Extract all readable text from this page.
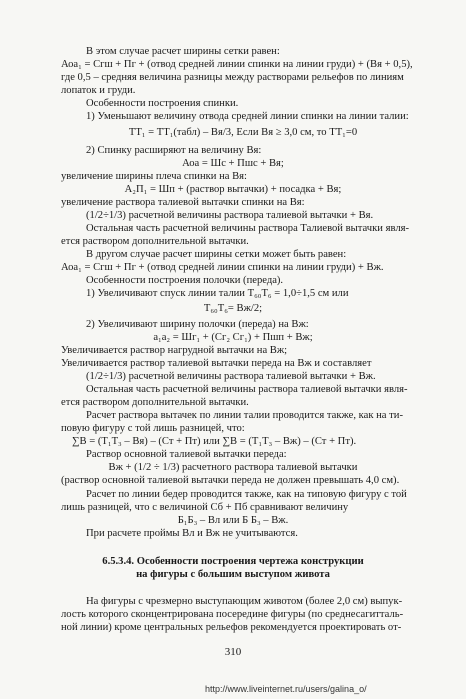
В этом случае расчет ширины сетки равен:
Аоа₁ = Сгш + Пг + (отвод средней линии спинки на линии груди) + (Вя + 0,5),
где 0,5 – средняя величина разницы между растворами рельефов по линиям
лопаток и груди.
Особенности построения спинки.
1) Уменьшают величину отвода средней линии спинки на линии талии:
ТТ₁ = ТТ₁(табл) – Вя/3, Если Вя ≥ 3,0 см, то ТТ₁=0
2) Спинку расширяют на величину Вя:
Аоа = Шс + Пшс + Вя;
увеличение ширины плеча спинки на Вя:
А₂П₁ = Шп + (раствор вытачки) + посадка + Вя;
увеличение раствора талиевой вытачки спинки на Вя:
(1/2÷1/3) расчетной величины раствора талиевой вытачки + Вя.
Остальная часть расчетной величины раствора Талиевой вытачки явля-
ется раствором дополнительной вытачки.
В другом случае расчет ширины сетки может быть равен:
Аоа₁ = Сгш + Пг + (отвод средней линии спинки на линии груди) + Вж.
Особенности построения полочки (переда).
1) Увеличивают спуск линии талии Т₆₀Т₆ = 1,0÷1,5 см или
Т₆₀Т₆= Вж/2;
2) Увеличивают ширину полочки (переда) на Вж:
а₁а₂ = Шг₁ + (Сг₂ Сг₁) + Пшп + Вж;
Увеличивается раствор нагрудной вытачки на Вж;
Увеличивается раствор талиевой вытачки переда на Вж и составляет
(1/2÷1/3) расчетной величины раствора талиевой вытачки + Вж.
Остальная часть расчетной величины раствора талиевой вытачки явля-
ется раствором дополнительной вытачки.
Расчет раствора вытачек по линии талии проводится также, как на ти-
повую фигуру с той лишь разницей, что:
∑В = (Т₁Т₃ – Вя) – (Ст + Пт) или ∑В = (Т₁Т₃ – Вж) – (Ст + Пт).
Раствор основной талиевой вытачки переда:
Вж + (1/2 ÷ 1/3) расчетного раствора талиевой вытачки
(раствор основной талиевой вытачки переда не должен превышать 4,0 см).
Расчет по линии бедер проводится также, как на типовую фигуру с той
лишь разницей, что с величиной Сб + Пб сравнивают величину
Б₁Б₃ – Вл или Б Б₃ – Вж.
При расчете проймы Вл и Вж не учитываются.
6.5.3.4. Особенности построения чертежа конструкции
на фигуры с большим выступом живота
На фигуры с чрезмерно выступающим животом (более 2,0 см) выпук-
лость которого сконцентрирована посередине фигуры (по среднесагитталь-
ной линии) кроме центральных рельефов рекомендуется проектировать от-
310
http://www.liveinternet.ru/users/galina_o/
